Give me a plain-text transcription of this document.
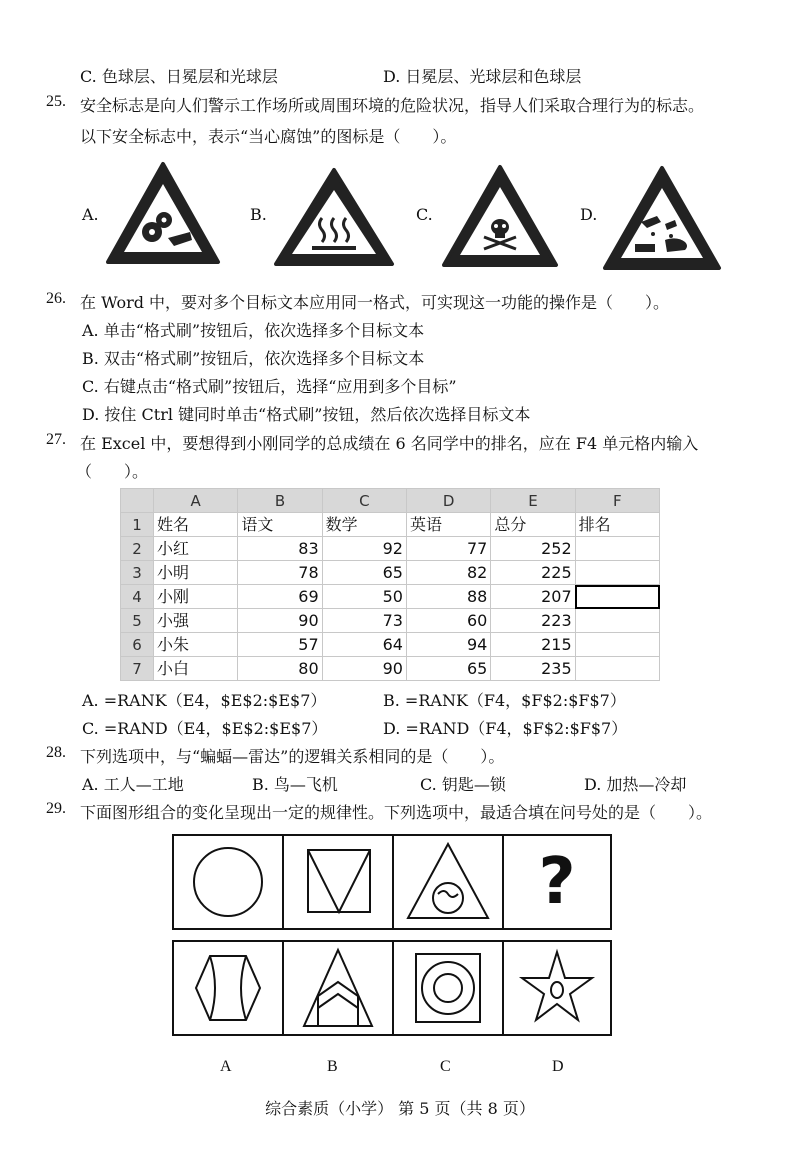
C. 色球层、日冕层和光球层	D. 日冕层、光球层和色球层
25. 安全标志是向人们警示工作场所或周围环境的危险状况，指导人们采取合理行为的标志。
以下安全标志中，表示“当心腐蚀”的图标是（　　）。
A.	B.	C.	D.
26. 在 Word 中，要对多个目标文本应用同一格式，可实现这一功能的操作是（　　）。
A. 单击“格式刷”按钮后，依次选择多个目标文本
B. 双击“格式刷”按钮后，依次选择多个目标文本
C. 右键点击“格式刷”按钮后，选择“应用到多个目标”
D. 按住 Ctrl 键同时单击“格式刷”按钮，然后依次选择目标文本
27. 在 Excel 中，要想得到小刚同学的总成绩在 6 名同学中的排名，应在 F4 单元格内输入
（　　）。
	A	B	C	D	E	F
1	姓名	语文	数学	英语	总分	排名
2	小红	83	92	77	252	
3	小明	78	65	82	225	
4	小刚	69	50	88	207	
5	小强	90	73	60	223	
6	小朱	57	64	94	215	
7	小白	80	90	65	235	
A. =RANK（E4，$E$2:$E$7）	B. =RANK（F4，$F$2:$F$7）
C. =RAND（E4，$E$2:$E$7）	D. =RAND（F4，$F$2:$F$7）
28. 下列选项中，与“蝙蝠—雷达”的逻辑关系相同的是（　　）。
A. 工人—工地	B. 鸟—飞机	C. 钥匙—锁	D. 加热—冷却
29. 下面图形组合的变化呈现出一定的规律性。下列选项中，最适合填在问号处的是（　　）。
?
A	B	C	D
综合素质（小学） 第 5 页（共 8 页）
